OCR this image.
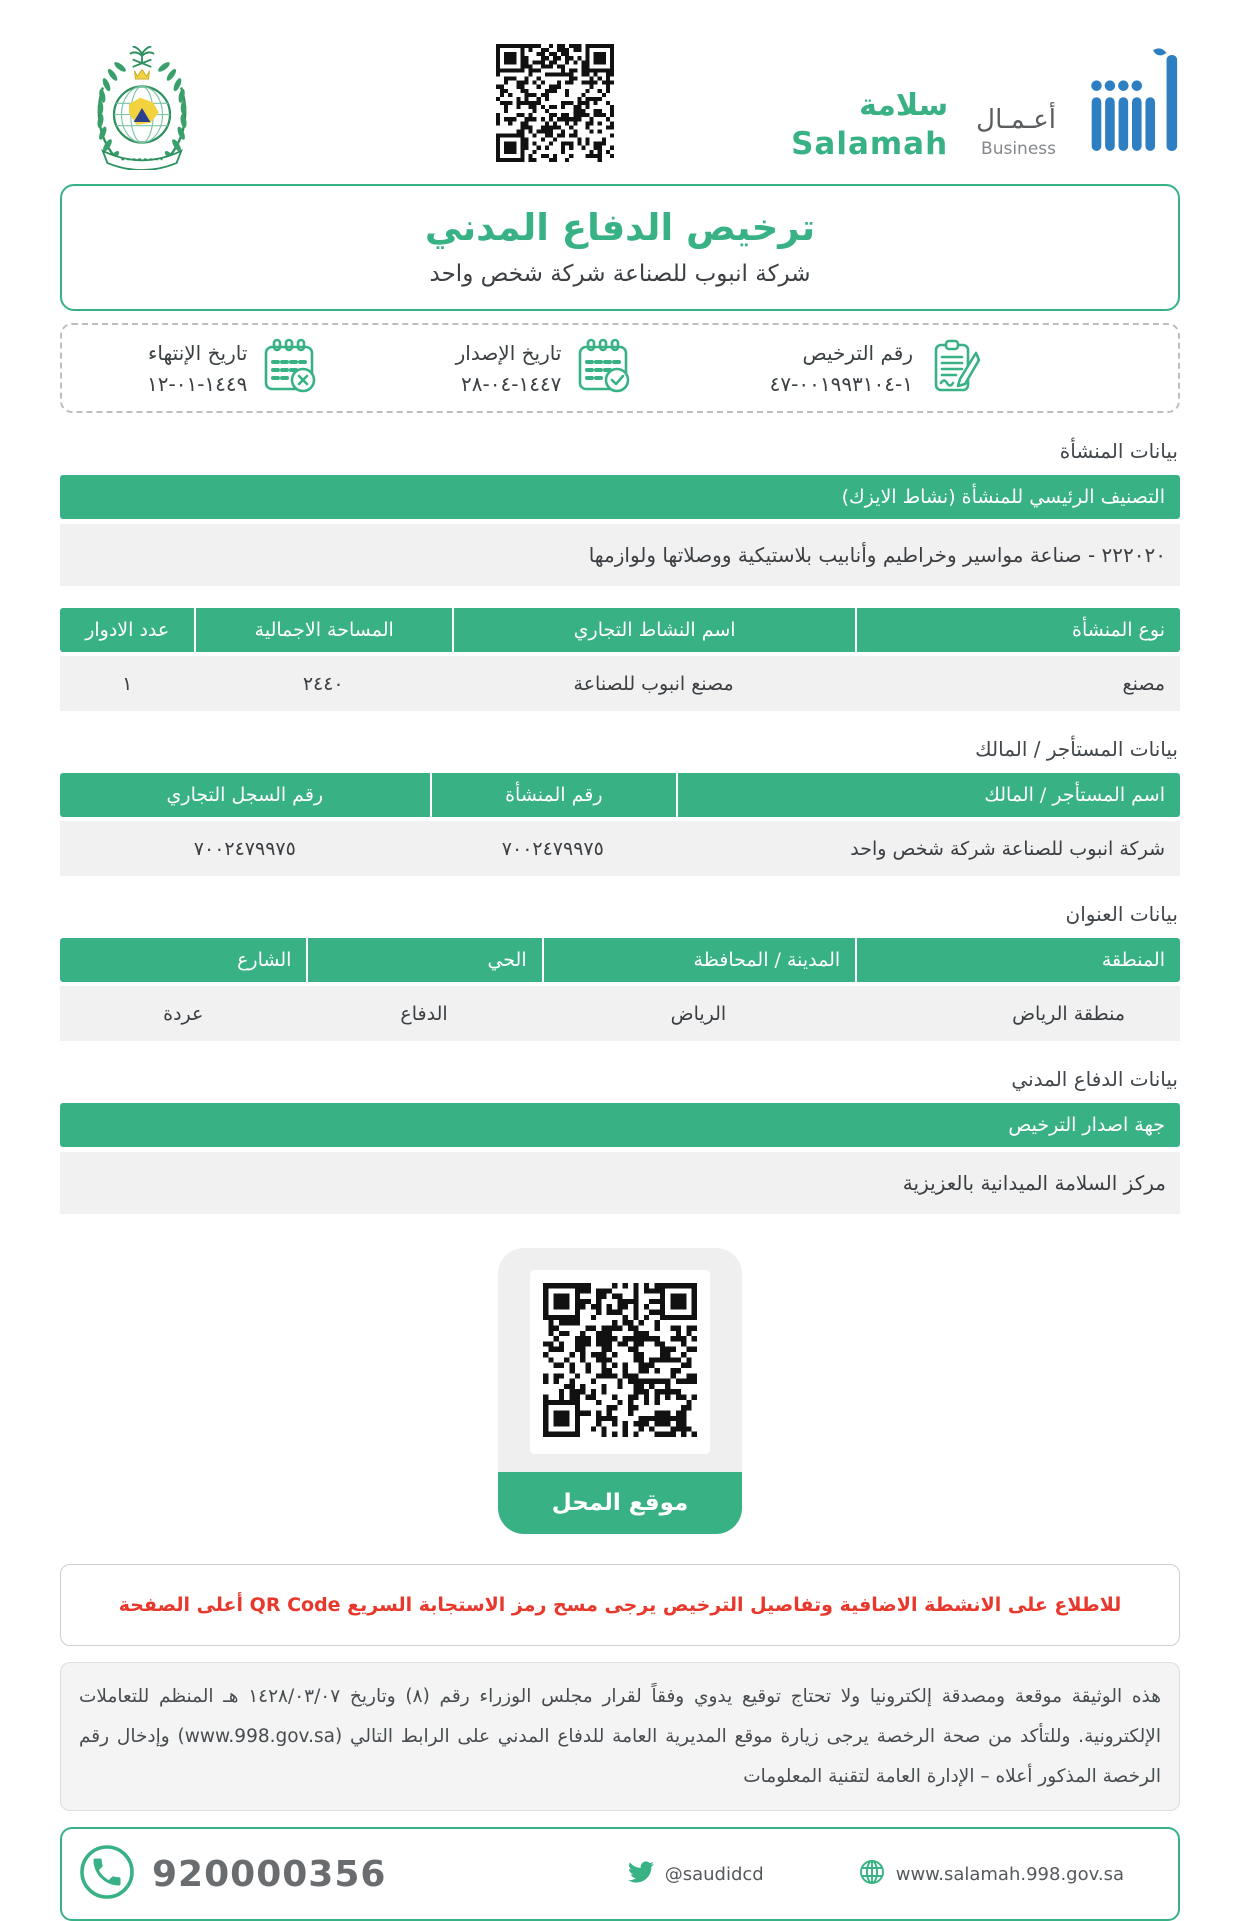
سلامة
Salamah
أعـمـال
Business
ترخيص الدفاع المدني
شركة انبوب للصناعة شركة شخص واحد
رقم الترخيص
١-٠٠١٩٩٣١٠٤-٤٧
تاريخ الإصدار
١٤٤٧-٠٤-٢٨
تاريخ الإنتهاء
١٤٤٩-٠١-١٢
بيانات المنشأة
التصنيف الرئيسي للمنشأة (نشاط الايزك)
٢٢٢٠٢٠ - صناعة مواسير وخراطيم وأنابيب بلاستيكية ووصلاتها ولوازمها
نوع المنشأة
اسم النشاط التجاري
المساحة الاجمالية
عدد الادوار
مصنع
مصنع انبوب للصناعة
٢٤٤٠
١
بيانات المستأجر / المالك
اسم المستأجر / المالك
رقم المنشأة
رقم السجل التجاري
شركة انبوب للصناعة شركة شخص واحد
٧٠٠٢٤٧٩٩٧٥
٧٠٠٢٤٧٩٩٧٥
بيانات العنوان
المنطقة
المدينة / المحافظة
الحي
الشارع
منطقة الرياض
الرياض
الدفاع
عردة
بيانات الدفاع المدني
جهة اصدار الترخيص
مركز السلامة الميدانية بالعزيزية
موقع المحل
للاطلاع على الانشطة الاضافية وتفاصيل الترخيص يرجى مسح رمز الاستجابة السريع QR Code أعلى الصفحة

هذه الوثيقة موقعة ومصدقة إلكترونيا ولا تحتاج توقيع يدوي وفقاً لقرار مجلس الوزراء رقم (٨) وتاريخ ١٤٢٨/٠٣/٠٧ هـ المنظم للتعاملات الإلكترونية. وللتأكد من صحة الرخصة يرجى زيارة موقع المديرية العامة للدفاع المدني على الرابط التالي (www.998.gov.sa) وإدخال رقم الرخصة المذكور أعلاه – الإدارة العامة لتقنية المعلومات

920000356	@saudidcd	www.salamah.998.gov.sa
